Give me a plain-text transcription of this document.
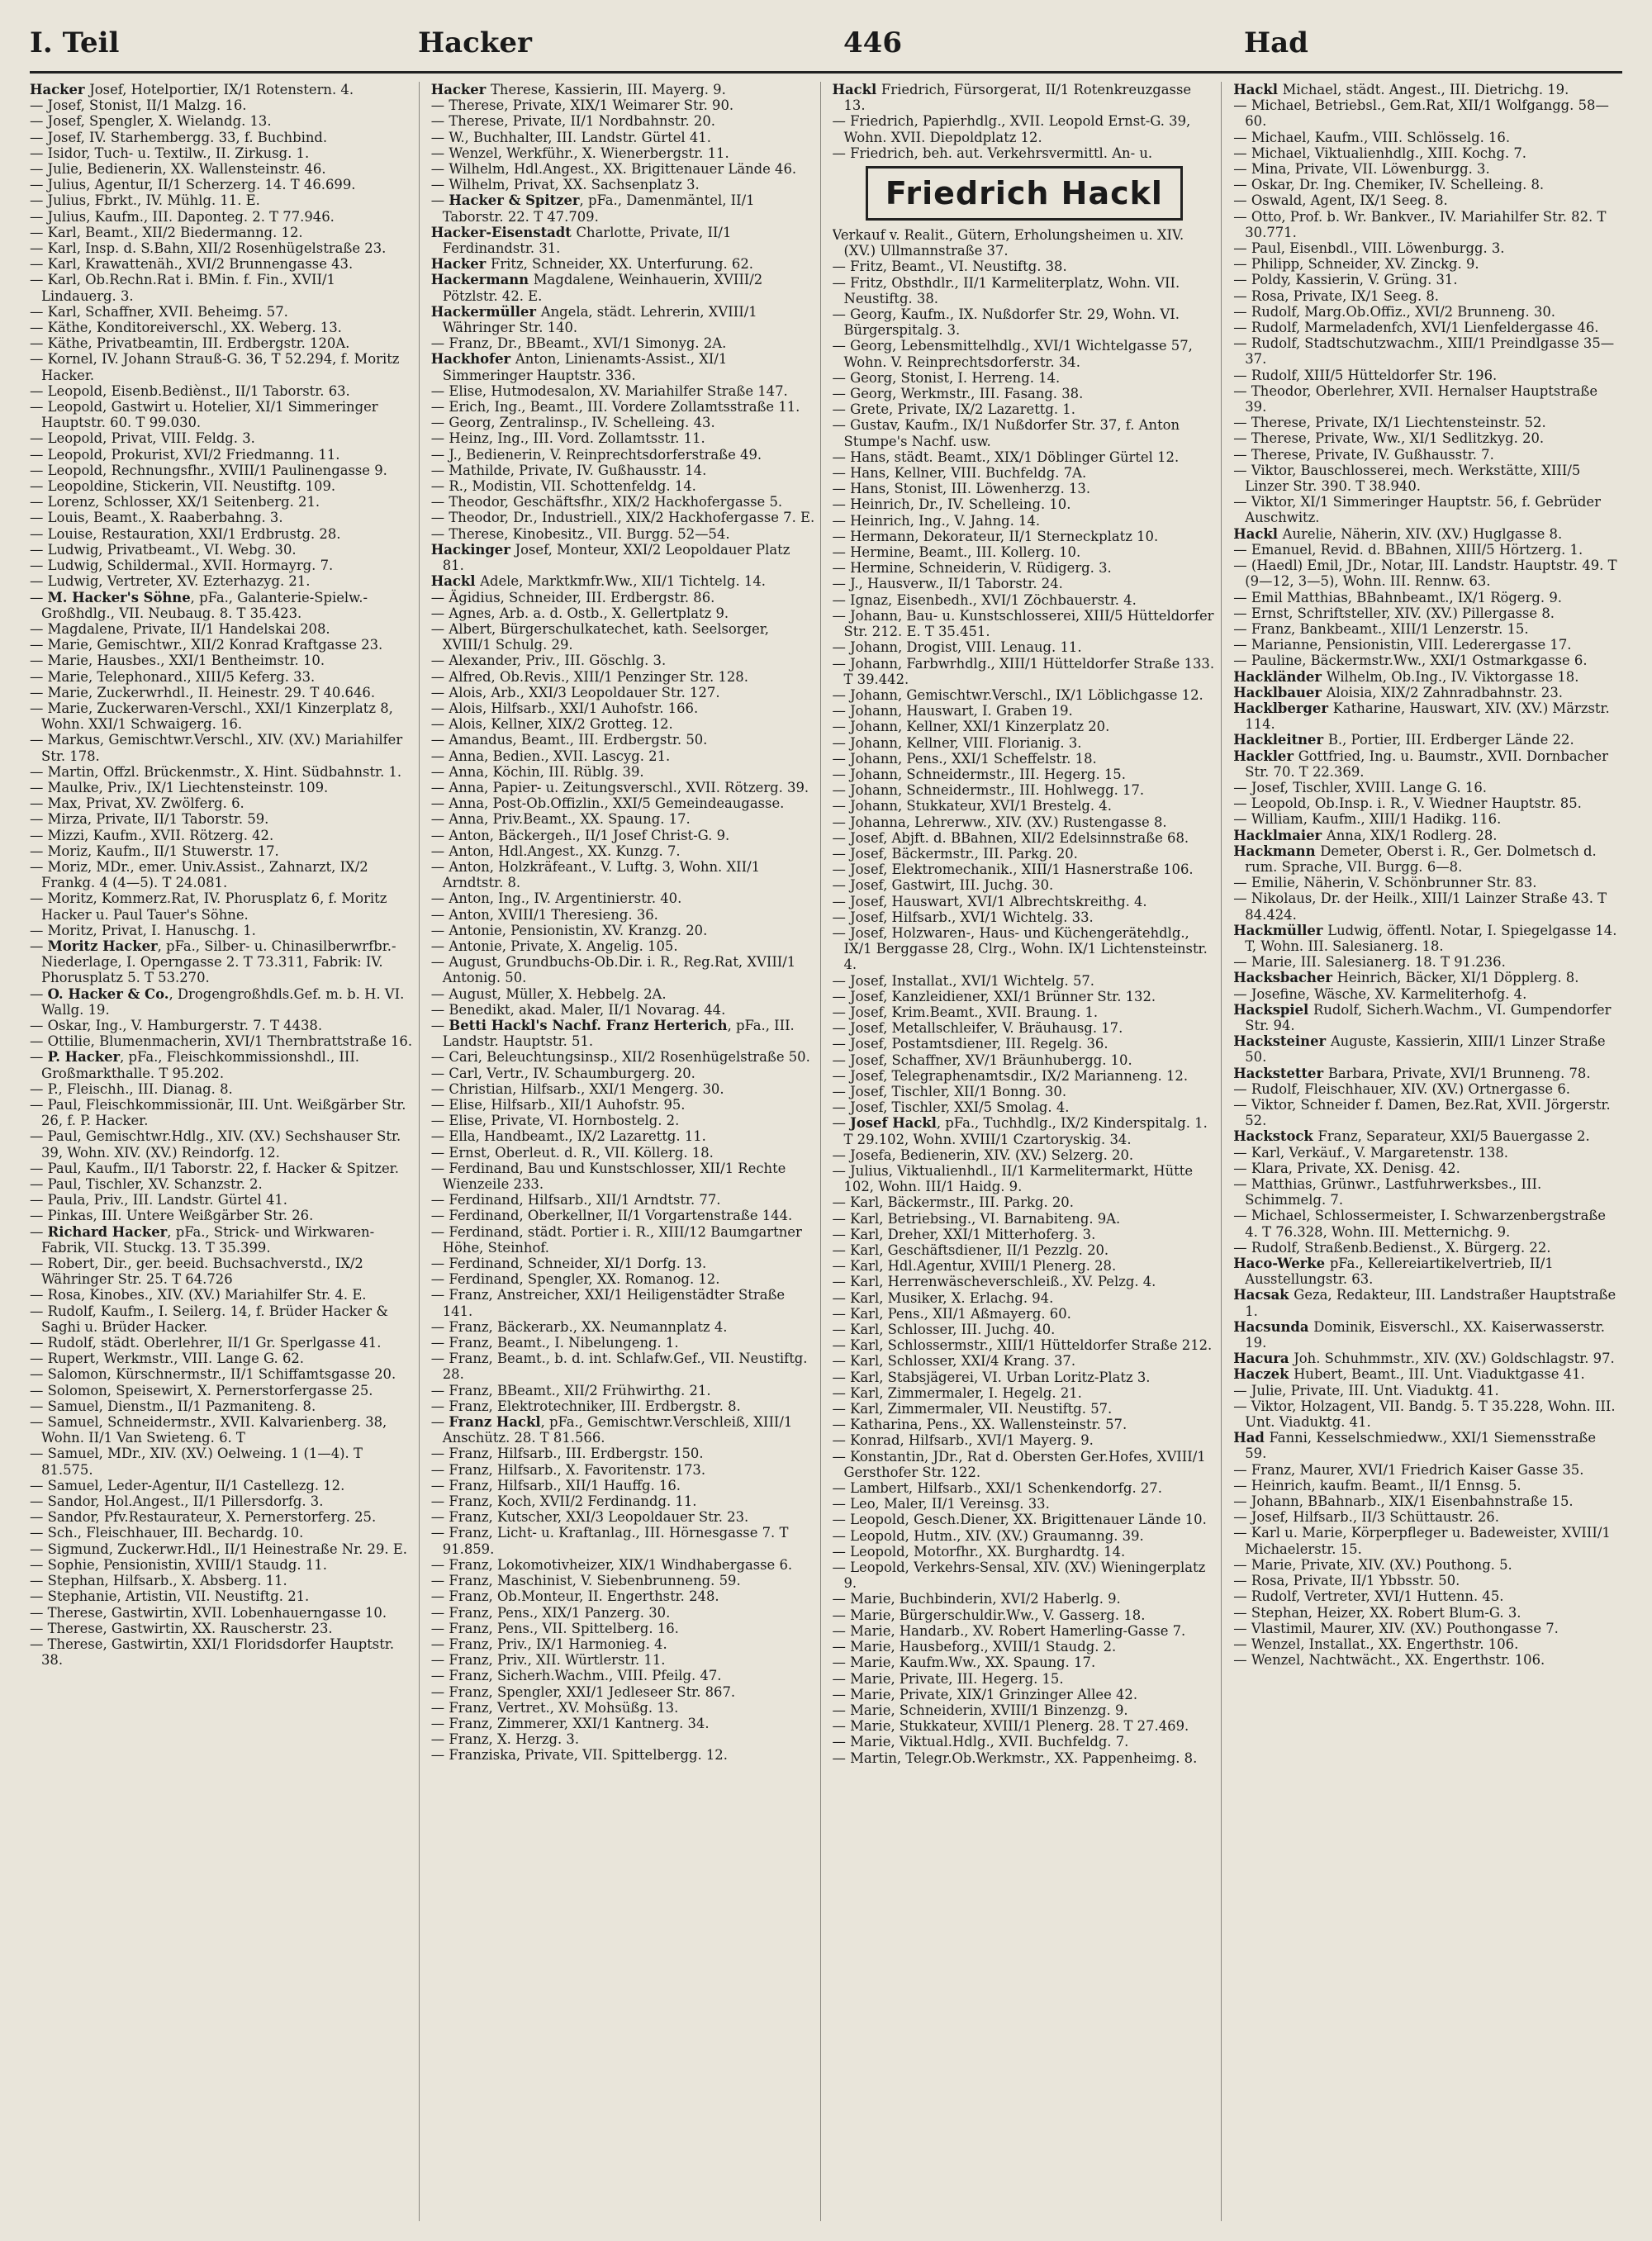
I. Teil	Hacker	446	Had

Hacker Josef, Hotelportier, IX/1 Rotenstern. 4.

— Josef, Stonist, II/1 Malzg. 16.

— Josef, Spengler, X. Wielandg. 13.

— Josef, IV. Starhembergg. 33, f. Buchbind.

— Isidor, Tuch- u. Textilw., II. Zirkusg. 1.

— Julie, Bedienerin, XX. Wallensteinstr. 46.

— Julius, Agentur, II/1 Scherzerg. 14. T 46.699.

— Julius, Fbrkt., IV. Mühlg. 11. E.

— Julius, Kaufm., III. Daponteg. 2. T 77.946.

— Karl, Beamt., XII/2 Biedermanng. 12.

— Karl, Insp. d. S.Bahn, XII/2 Rosenhügelstraße 23.

— Karl, Krawattenäh., XVI/2 Brunnengasse 43.

— Karl, Ob.Rechn.Rat i. BMin. f. Fin., XVII/1 Lindauerg. 3.

— Karl, Schaffner, XVII. Beheimg. 57.

— Käthe, Konditoreiverschl., XX. Weberg. 13.

— Käthe, Privatbeamtin, III. Erdbergstr. 120A.

— Kornel, IV. Johann Strauß-G. 36, T 52.294, f. Moritz Hacker.

— Leopold, Eisenb.Bediènst., II/1 Taborstr. 63.

— Leopold, Gastwirt u. Hotelier, XI/1 Simmeringer Hauptstr. 60. T 99.030.

— Leopold, Privat, VIII. Feldg. 3.

— Leopold, Prokurist, XVI/2 Friedmanng. 11.

— Leopold, Rechnungsfhr., XVIII/1 Paulinengasse 9.

— Leopoldine, Stickerin, VII. Neustiftg. 109.

— Lorenz, Schlosser, XX/1 Seitenberg. 21.

— Louis, Beamt., X. Raaberbahng. 3.

— Louise, Restauration, XXI/1 Erdbrustg. 28.

— Ludwig, Privatbeamt., VI. Webg. 30.

— Ludwig, Schildermal., XVII. Hormayrg. 7.

— Ludwig, Vertreter, XV. Ezterhazyg. 21.

— M. Hacker's Söhne, pFa., Galanterie-Spielw.-Großhdlg., VII. Neubaug. 8. T 35.423.

— Magdalene, Private, II/1 Handelskai 208.

— Marie, Gemischtwr., XII/2 Konrad Kraftgasse 23.

— Marie, Hausbes., XXI/1 Bentheimstr. 10.

— Marie, Telephonard., XIII/5 Keferg. 33.

— Marie, Zuckerwrhdl., II. Heinestr. 29. T 40.646.

— Marie, Zuckerwaren-Verschl., XXI/1 Kinzerplatz 8, Wohn. XXI/1 Schwaigerg. 16.

— Markus, Gemischtwr.Verschl., XIV. (XV.) Mariahilfer Str. 178.

— Martin, Offzl. Brückenmstr., X. Hint. Südbahnstr. 1.

— Maulke, Priv., IX/1 Liechtensteinstr. 109.

— Max, Privat, XV. Zwölferg. 6.

— Mirza, Private, II/1 Taborstr. 59.

— Mizzi, Kaufm., XVII. Rötzerg. 42.

— Moriz, Kaufm., II/1 Stuwerstr. 17.

— Moriz, MDr., emer. Univ.Assist., Zahnarzt, IX/2 Frankg. 4 (4—5). T 24.081.

— Moritz, Kommerz.Rat, IV. Phorusplatz 6, f. Moritz Hacker u. Paul Tauer's Söhne.

— Moritz, Privat, I. Hanuschg. 1.

— Moritz Hacker, pFa., Silber- u. Chinasilberwrfbr.-Niederlage, I. Operngasse 2. T 73.311, Fabrik: IV. Phorusplatz 5. T 53.270.

— O. Hacker & Co., Drogengroßhdls.Gef. m. b. H. VI. Wallg. 19.

— Oskar, Ing., V. Hamburgerstr. 7. T 4438.

— Ottilie, Blumenmacherin, XVI/1 Thernbrattstraße 16.

— P. Hacker, pFa., Fleischkommissionshdl., III. Großmarkthalle. T 95.202.

— P., Fleischh., III. Dianag. 8.

— Paul, Fleischkommissionär, III. Unt. Weißgärber Str. 26, f. P. Hacker.

— Paul, Gemischtwr.Hdlg., XIV. (XV.) Sechshauser Str. 39, Wohn. XIV. (XV.) Reindorfg. 12.

— Paul, Kaufm., II/1 Taborstr. 22, f. Hacker & Spitzer.

— Paul, Tischler, XV. Schanzstr. 2.

— Paula, Priv., III. Landstr. Gürtel 41.

— Pinkas, III. Untere Weißgärber Str. 26.

— Richard Hacker, pFa., Strick- und Wirkwaren-Fabrik, VII. Stuckg. 13. T 35.399.

— Robert, Dir., ger. beeid. Buchsachverstd., IX/2 Währinger Str. 25. T 64.726

— Rosa, Kinobes., XIV. (XV.) Mariahilfer Str. 4. E.

— Rudolf, Kaufm., I. Seilerg. 14, f. Brüder Hacker & Saghi u. Brüder Hacker.

— Rudolf, städt. Oberlehrer, II/1 Gr. Sperlgasse 41.

— Rupert, Werkmstr., VIII. Lange G. 62.

— Salomon, Kürschnermstr., II/1 Schiffamtsgasse 20.

— Solomon, Speisewirt, X. Pernerstorfergasse 25.

— Samuel, Dienstm., II/1 Pazmaniteng. 8.

— Samuel, Schneidermstr., XVII. Kalvarienberg. 38, Wohn. II/1 Van Swieteng. 6. T

— Samuel, MDr., XIV. (XV.) Oelweing. 1 (1—4). T 81.575.

— Samuel, Leder-Agentur, II/1 Castellezg. 12.

— Sandor, Hol.Angest., II/1 Pillersdorfg. 3.

— Sandor, Pfv.Restaurateur, X. Pernerstorferg. 25.

— Sch., Fleischhauer, III. Bechardg. 10.

— Sigmund, Zuckerwr.Hdl., II/1 Heinestraße Nr. 29. E.

— Sophie, Pensionistin, XVIII/1 Staudg. 11.

— Stephan, Hilfsarb., X. Absberg. 11.

— Stephanie, Artistin, VII. Neustiftg. 21.

— Therese, Gastwirtin, XVII. Lobenhauerngasse 10.

— Therese, Gastwirtin, XX. Rauscherstr. 23.

— Therese, Gastwirtin, XXI/1 Floridsdorfer Hauptstr. 38.

Hacker Therese, Kassierin, III. Mayerg. 9.

— Therese, Private, XIX/1 Weimarer Str. 90.

— Therese, Private, II/1 Nordbahnstr. 20.

— W., Buchhalter, III. Landstr. Gürtel 41.

— Wenzel, Werkführ., X. Wienerbergstr. 11.

— Wilhelm, Hdl.Angest., XX. Brigittenauer Lände 46.

— Wilhelm, Privat, XX. Sachsenplatz 3.

— Hacker & Spitzer, pFa., Damenmäntel, II/1 Taborstr. 22. T 47.709.

Hacker-Eisenstadt Charlotte, Private, II/1 Ferdinandstr. 31.

Hacker Fritz, Schneider, XX. Unterfurung. 62.

Hackermann Magdalene, Weinhauerin, XVIII/2 Pötzlstr. 42. E.

Hackermüller Angela, städt. Lehrerin, XVIII/1 Währinger Str. 140.

— Franz, Dr., BBeamt., XVI/1 Simonyg. 2A.

Hackhofer Anton, Linienamts-Assist., XI/1 Simmeringer Hauptstr. 336.

— Elise, Hutmodesalon, XV. Mariahilfer Straße 147.

— Erich, Ing., Beamt., III. Vordere Zollamtsstraße 11.

— Georg, Zentralinsp., IV. Schelleing. 43.

— Heinz, Ing., III. Vord. Zollamtsstr. 11.

— J., Bedienerin, V. Reinprechtsdorferstraße 49.

— Mathilde, Private, IV. Gußhausstr. 14.

— R., Modistin, VII. Schottenfeldg. 14.

— Theodor, Geschäftsfhr., XIX/2 Hackhofergasse 5.

— Theodor, Dr., Industriell., XIX/2 Hackhofergasse 7. E.

— Therese, Kinobesitz., VII. Burgg. 52—54.

Hackinger Josef, Monteur, XXI/2 Leopoldauer Platz 81.

Hackl Adele, Marktkmfr.Ww., XII/1 Tichtelg. 14.

— Ägidius, Schneider, III. Erdbergstr. 86.

— Agnes, Arb. a. d. Ostb., X. Gellertplatz 9.

— Albert, Bürgerschulkatechet, kath. Seelsorger, XVIII/1 Schulg. 29.

— Alexander, Priv., III. Göschlg. 3.

— Alfred, Ob.Revis., XIII/1 Penzinger Str. 128.

— Alois, Arb., XXI/3 Leopoldauer Str. 127.

— Alois, Hilfsarb., XXI/1 Auhofstr. 166.

— Alois, Kellner, XIX/2 Grotteg. 12.

— Amandus, Beamt., III. Erdbergstr. 50.

— Anna, Bedien., XVII. Lascyg. 21.

— Anna, Köchin, III. Rüblg. 39.

— Anna, Papier- u. Zeitungsverschl., XVII. Rötzerg. 39.

— Anna, Post-Ob.Offizlin., XXI/5 Gemeindeaugasse.

— Anna, Priv.Beamt., XX. Spaung. 17.

— Anton, Bäckergeh., II/1 Josef Christ-G. 9.

— Anton, Hdl.Angest., XX. Kunzg. 7.

— Anton, Holzkräfeant., V. Luftg. 3, Wohn. XII/1 Arndtstr. 8.

— Anton, Ing., IV. Argentinierstr. 40.

— Anton, XVIII/1 Theresieng. 36.

— Antonie, Pensionistin, XV. Kranzg. 20.

— Antonie, Private, X. Angelig. 105.

— August, Grundbuchs-Ob.Dir. i. R., Reg.Rat, XVIII/1 Antonig. 50.

— August, Müller, X. Hebbelg. 2A.

— Benedikt, akad. Maler, II/1 Novarag. 44.

— Betti Hackl's Nachf. Franz Herterich, pFa., III. Landstr. Hauptstr. 51.

— Cari, Beleuchtungsinsp., XII/2 Rosenhügelstraße 50.

— Carl, Vertr., IV. Schaumburgerg. 20.

— Christian, Hilfsarb., XXI/1 Mengerg. 30.

— Elise, Hilfsarb., XII/1 Auhofstr. 95.

— Elise, Private, VI. Hornbostelg. 2.

— Ella, Handbeamt., IX/2 Lazarettg. 11.

— Ernst, Oberleut. d. R., VII. Köllerg. 18.

— Ferdinand, Bau und Kunstschlosser, XII/1 Rechte Wienzeile 233.

— Ferdinand, Hilfsarb., XII/1 Arndtstr. 77.

— Ferdinand, Oberkellner, II/1 Vorgartenstraße 144.

— Ferdinand, städt. Portier i. R., XIII/12 Baumgartner Höhe, Steinhof.

— Ferdinand, Schneider, XI/1 Dorfg. 13.

— Ferdinand, Spengler, XX. Romanog. 12.

— Franz, Anstreicher, XXI/1 Heiligenstädter Straße 141.

— Franz, Bäckerarb., XX. Neumannplatz 4.

— Franz, Beamt., I. Nibelungeng. 1.

— Franz, Beamt., b. d. int. Schlafw.Gef., VII. Neustiftg. 28.

— Franz, BBeamt., XII/2 Frühwirthg. 21.

— Franz, Elektrotechniker, III. Erdbergstr. 8.

— Franz Hackl, pFa., Gemischtwr.Verschleiß, XIII/1 Anschütz. 28. T 81.566.

— Franz, Hilfsarb., III. Erdbergstr. 150.

— Franz, Hilfsarb., X. Favoritenstr. 173.

— Franz, Hilfsarb., XII/1 Hauffg. 16.

— Franz, Koch, XVII/2 Ferdinandg. 11.

— Franz, Kutscher, XXI/3 Leopoldauer Str. 23.

— Franz, Licht- u. Kraftanlag., III. Hörnesgasse 7. T 91.859.

— Franz, Lokomotivheizer, XIX/1 Windhabergasse 6.

— Franz, Maschinist, V. Siebenbrunneng. 59.

— Franz, Ob.Monteur, II. Engerthstr. 248.

— Franz, Pens., XIX/1 Panzerg. 30.

— Franz, Pens., VII. Spittelberg. 16.

— Franz, Priv., IX/1 Harmonieg. 4.

— Franz, Priv., XII. Würtlerstr. 11.

— Franz, Sicherh.Wachm., VIII. Pfeilg. 47.

— Franz, Spengler, XXI/1 Jedleseer Str. 867.

— Franz, Vertret., XV. Mohsüßg. 13.

— Franz, Zimmerer, XXI/1 Kantnerg. 34.

— Franz, X. Herzg. 3.

— Franziska, Private, VII. Spittelbergg. 12.

Hackl Friedrich, Fürsorgerat, II/1 Rotenkreuzgasse 13.

— Friedrich, Papierhdlg., XVII. Leopold Ernst-G. 39, Wohn. XVII. Diepoldplatz 12.

— Friedrich, beh. aut. Verkehrsvermittl. An- u.

Friedrich Hackl

Verkauf v. Realit., Gütern, Erholungsheimen u. XIV. (XV.) Ullmannstraße 37.

— Fritz, Beamt., VI. Neustiftg. 38.

— Fritz, Obsthdlr., II/1 Karmeliterplatz, Wohn. VII. Neustiftg. 38.

— Georg, Kaufm., IX. Nußdorfer Str. 29, Wohn. VI. Bürgerspitalg. 3.

— Georg, Lebensmittelhdlg., XVI/1 Wichtelgasse 57, Wohn. V. Reinprechtsdorferstr. 34.

— Georg, Stonist, I. Herreng. 14.

— Georg, Werkmstr., III. Fasang. 38.

— Grete, Private, IX/2 Lazarettg. 1.

— Gustav, Kaufm., IX/1 Nußdorfer Str. 37, f. Anton Stumpe's Nachf. usw.

— Hans, städt. Beamt., XIX/1 Döblinger Gürtel 12.

— Hans, Kellner, VIII. Buchfeldg. 7A.

— Hans, Stonist, III. Löwenherzg. 13.

— Heinrich, Dr., IV. Schelleing. 10.

— Heinrich, Ing., V. Jahng. 14.

— Hermann, Dekorateur, II/1 Sterneckplatz 10.

— Hermine, Beamt., III. Kollerg. 10.

— Hermine, Schneiderin, V. Rüdigerg. 3.

— J., Hausverw., II/1 Taborstr. 24.

— Ignaz, Eisenbedh., XVI/1 Zöchbauerstr. 4.

— Johann, Bau- u. Kunstschlosserei, XIII/5 Hütteldorfer Str. 212. E. T 35.451.

— Johann, Drogist, VIII. Lenaug. 11.

— Johann, Farbwrhdlg., XIII/1 Hütteldorfer Straße 133. T 39.442.

— Johann, Gemischtwr.Verschl., IX/1 Löblichgasse 12.

— Johann, Hauswart, I. Graben 19.

— Johann, Kellner, XXI/1 Kinzerplatz 20.

— Johann, Kellner, VIII. Florianig. 3.

— Johann, Pens., XXI/1 Scheffelstr. 18.

— Johann, Schneidermstr., III. Hegerg. 15.

— Johann, Schneidermstr., III. Hohlwegg. 17.

— Johann, Stukkateur, XVI/1 Brestelg. 4.

— Johanna, Lehrerww., XIV. (XV.) Rustengasse 8.

— Josef, Abjft. d. BBahnen, XII/2 Edelsinnstraße 68.

— Josef, Bäckermstr., III. Parkg. 20.

— Josef, Elektromechanik., XIII/1 Hasnerstraße 106.

— Josef, Gastwirt, III. Juchg. 30.

— Josef, Hauswart, XVI/1 Albrechtskreithg. 4.

— Josef, Hilfsarb., XVI/1 Wichtelg. 33.

— Josef, Holzwaren-, Haus- und Küchengerätehdlg., IX/1 Berggasse 28, Clrg., Wohn. IX/1 Lichtensteinstr. 4.

— Josef, Installat., XVI/1 Wichtelg. 57.

— Josef, Kanzleidiener, XXI/1 Brünner Str. 132.

— Josef, Krim.Beamt., XVII. Braung. 1.

— Josef, Metallschleifer, V. Bräuhausg. 17.

— Josef, Postamtsdiener, III. Regelg. 36.

— Josef, Schaffner, XV/1 Bräunhubergg. 10.

— Josef, Telegraphenamtsdir., IX/2 Marianneng. 12.

— Josef, Tischler, XII/1 Bonng. 30.

— Josef, Tischler, XXI/5 Smolag. 4.

— Josef Hackl, pFa., Tuchhdlg., IX/2 Kinderspitalg. 1. T 29.102, Wohn. XVIII/1 Czartoryskig. 34.

— Josefa, Bedienerin, XIV. (XV.) Selzerg. 20.

— Julius, Viktualienhdl., II/1 Karmelitermarkt, Hütte 102, Wohn. III/1 Haidg. 9.

— Karl, Bäckermstr., III. Parkg. 20.

— Karl, Betriebsing., VI. Barnabiteng. 9A.

— Karl, Dreher, XXI/1 Mitterhoferg. 3.

— Karl, Geschäftsdiener, II/1 Pezzlg. 20.

— Karl, Hdl.Agentur, XVIII/1 Plenerg. 28.

— Karl, Herrenwäscheverschleiß., XV. Pelzg. 4.

— Karl, Musiker, X. Erlachg. 94.

— Karl, Pens., XII/1 Aßmayerg. 60.

— Karl, Schlosser, III. Juchg. 40.

— Karl, Schlossermstr., XIII/1 Hütteldorfer Straße 212.

— Karl, Schlosser, XXI/4 Krang. 37.

— Karl, Stabsjägerei, VI. Urban Loritz-Platz 3.

— Karl, Zimmermaler, I. Hegelg. 21.

— Karl, Zimmermaler, VII. Neustiftg. 57.

— Katharina, Pens., XX. Wallensteinstr. 57.

— Konrad, Hilfsarb., XVI/1 Mayerg. 9.

— Konstantin, JDr., Rat d. Obersten Ger.Hofes, XVIII/1 Gersthofer Str. 122.

— Lambert, Hilfsarb., XXI/1 Schenkendorfg. 27.

— Leo, Maler, II/1 Vereinsg. 33.

— Leopold, Gesch.Diener, XX. Brigittenauer Lände 10.

— Leopold, Hutm., XIV. (XV.) Graumanng. 39.

— Leopold, Motorfhr., XX. Burghardtg. 14.

— Leopold, Verkehrs-Sensal, XIV. (XV.) Wieningerplatz 9.

— Marie, Buchbinderin, XVI/2 Haberlg. 9.

— Marie, Bürgerschuldir.Ww., V. Gasserg. 18.

— Marie, Handarb., XV. Robert Hamerling-Gasse 7.

— Marie, Hausbeforg., XVIII/1 Staudg. 2.

— Marie, Kaufm.Ww., XX. Spaung. 17.

— Marie, Private, III. Hegerg. 15.

— Marie, Private, XIX/1 Grinzinger Allee 42.

— Marie, Schneiderin, XVIII/1 Binzenzg. 9.

— Marie, Stukkateur, XVIII/1 Plenerg. 28. T 27.469.

— Marie, Viktual.Hdlg., XVII. Buchfeldg. 7.

— Martin, Telegr.Ob.Werkmstr., XX. Pappenheimg. 8.

Hackl Michael, städt. Angest., III. Dietrichg. 19.

— Michael, Betriebsl., Gem.Rat, XII/1 Wolfgangg. 58—60.

— Michael, Kaufm., VIII. Schlösselg. 16.

— Michael, Viktualienhdlg., XIII. Kochg. 7.

— Mina, Private, VII. Löwenburgg. 3.

— Oskar, Dr. Ing. Chemiker, IV. Schelleing. 8.

— Oswald, Agent, IX/1 Seeg. 8.

— Otto, Prof. b. Wr. Bankver., IV. Mariahilfer Str. 82. T 30.771.

— Paul, Eisenbdl., VIII. Löwenburgg. 3.

— Philipp, Schneider, XV. Zinckg. 9.

— Poldy, Kassierin, V. Grüng. 31.

— Rosa, Private, IX/1 Seeg. 8.

— Rudolf, Marg.Ob.Offiz., XVI/2 Brunneng. 30.

— Rudolf, Marmeladenfch, XVI/1 Lienfeldergasse 46.

— Rudolf, Stadtschutzwachm., XIII/1 Preindlgasse 35—37.

— Rudolf, XIII/5 Hütteldorfer Str. 196.

— Theodor, Oberlehrer, XVII. Hernalser Hauptstraße 39.

— Therese, Private, IX/1 Liechtensteinstr. 52.

— Therese, Private, Ww., XI/1 Sedlitzkyg. 20.

— Therese, Private, IV. Gußhausstr. 7.

— Viktor, Bauschlosserei, mech. Werkstätte, XIII/5 Linzer Str. 390. T 38.940.

— Viktor, XI/1 Simmeringer Hauptstr. 56, f. Gebrüder Auschwitz.

Hackl Aurelie, Näherin, XIV. (XV.) Huglgasse 8.

— Emanuel, Revid. d. BBahnen, XIII/5 Hörtzerg. 1.

— (Haedl) Emil, JDr., Notar, III. Landstr. Hauptstr. 49. T (9—12, 3—5), Wohn. III. Rennw. 63.

— Emil Matthias, BBahnbeamt., IX/1 Rögerg. 9.

— Ernst, Schriftsteller, XIV. (XV.) Pillergasse 8.

— Franz, Bankbeamt., XIII/1 Lenzerstr. 15.

— Marianne, Pensionistin, VIII. Lederergasse 17.

— Pauline, Bäckermstr.Ww., XXI/1 Ostmarkgasse 6.

Hackländer Wilhelm, Ob.Ing., IV. Viktorgasse 18.

Hacklbauer Aloisia, XIX/2 Zahnradbahnstr. 23.

Hacklberger Katharine, Hauswart, XIV. (XV.) Märzstr. 114.

Hackleitner B., Portier, III. Erdberger Lände 22.

Hackler Gottfried, Ing. u. Baumstr., XVII. Dornbacher Str. 70. T 22.369.

— Josef, Tischler, XVIII. Lange G. 16.

— Leopold, Ob.Insp. i. R., V. Wiedner Hauptstr. 85.

— William, Kaufm., XIII/1 Hadikg. 116.

Hacklmaier Anna, XIX/1 Rodlerg. 28.

Hackmann Demeter, Oberst i. R., Ger. Dolmetsch d. rum. Sprache, VII. Burgg. 6—8.

— Emilie, Näherin, V. Schönbrunner Str. 83.

— Nikolaus, Dr. der Heilk., XIII/1 Lainzer Straße 43. T 84.424.

Hackmüller Ludwig, öffentl. Notar, I. Spiegelgasse 14. T, Wohn. III. Salesianerg. 18.

— Marie, III. Salesianerg. 18. T 91.236.

Hacksbacher Heinrich, Bäcker, XI/1 Döpplerg. 8.

— Josefine, Wäsche, XV. Karmeliterhofg. 4.

Hackspiel Rudolf, Sicherh.Wachm., VI. Gumpendorfer Str. 94.

Hacksteiner Auguste, Kassierin, XIII/1 Linzer Straße 50.

Hackstetter Barbara, Private, XVI/1 Brunneng. 78.

— Rudolf, Fleischhauer, XIV. (XV.) Ortnergasse 6.

— Viktor, Schneider f. Damen, Bez.Rat, XVII. Jörgerstr. 52.

Hackstock Franz, Separateur, XXI/5 Bauergasse 2.

— Karl, Verkäuf., V. Margaretenstr. 138.

— Klara, Private, XX. Denisg. 42.

— Matthias, Grünwr., Lastfuhrwerksbes., III. Schimmelg. 7.

— Michael, Schlossermeister, I. Schwarzenbergstraße 4. T 76.328, Wohn. III. Metternichg. 9.

— Rudolf, Straßenb.Bedienst., X. Bürgerg. 22.

Haco-Werke pFa., Kellereiartikelvertrieb, II/1 Ausstellungstr. 63.

Hacsak Geza, Redakteur, III. Landstraßer Hauptstraße 1.

Hacsunda Dominik, Eisverschl., XX. Kaiserwasserstr. 19.

Hacura Joh. Schuhmmstr., XIV. (XV.) Goldschlagstr. 97.

Haczek Hubert, Beamt., III. Unt. Viaduktgasse 41.

— Julie, Private, III. Unt. Viaduktg. 41.

— Viktor, Holzagent, VII. Bandg. 5. T 35.228, Wohn. III. Unt. Viaduktg. 41.

Had Fanni, Kesselschmiedww., XXI/1 Siemensstraße 59.

— Franz, Maurer, XVI/1 Friedrich Kaiser Gasse 35.

— Heinrich, kaufm. Beamt., II/1 Ennsg. 5.

— Johann, BBahnarb., XIX/1 Eisenbahnstraße 15.

— Josef, Hilfsarb., II/3 Schüttaustr. 26.

— Karl u. Marie, Körperpfleger u. Badeweister, XVIII/1 Michaelerstr. 15.

— Marie, Private, XIV. (XV.) Pouthong. 5.

— Rosa, Private, II/1 Ybbsstr. 50.

— Rudolf, Vertreter, XVI/1 Huttenn. 45.

— Stephan, Heizer, XX. Robert Blum-G. 3.

— Vlastimil, Maurer, XIV. (XV.) Pouthongasse 7.

— Wenzel, Installat., XX. Engerthstr. 106.

— Wenzel, Nachtwächt., XX. Engerthstr. 106.
